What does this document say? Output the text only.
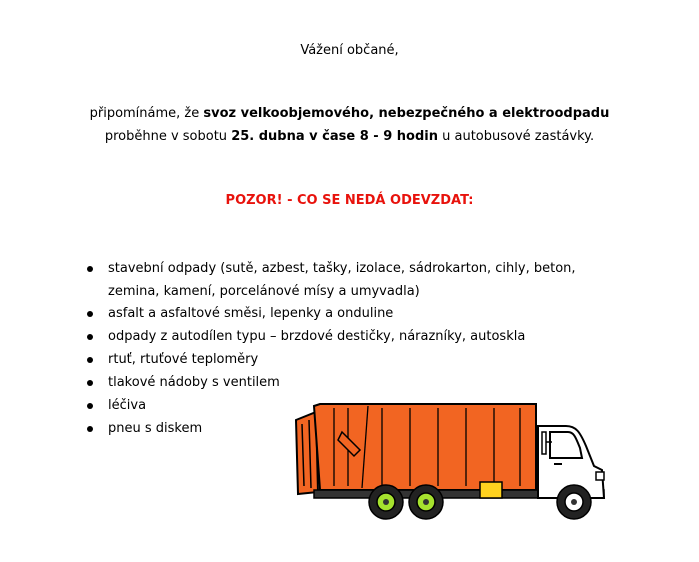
Vážení občané,
připomínáme, že svoz velkoobjemového, nebezpečného a elektroodpadu
proběhne v sobotu 25. dubna v čase 8 - 9 hodin u autobusové zastávky.
POZOR! - CO SE NEDÁ ODEVZDAT:
stavební odpady (sutě, azbest, tašky, izolace, sádrokarton, cihly, beton,
zemina, kamení, porcelánové mísy a umyvadla)
asfalt a asfaltové směsi, lepenky a onduline
odpady z autodílen typu – brzdové destičky, nárazníky, autoskla
rtuť, rtuťové teploměry
tlakové nádoby s ventilem
léčiva
pneu s diskem
